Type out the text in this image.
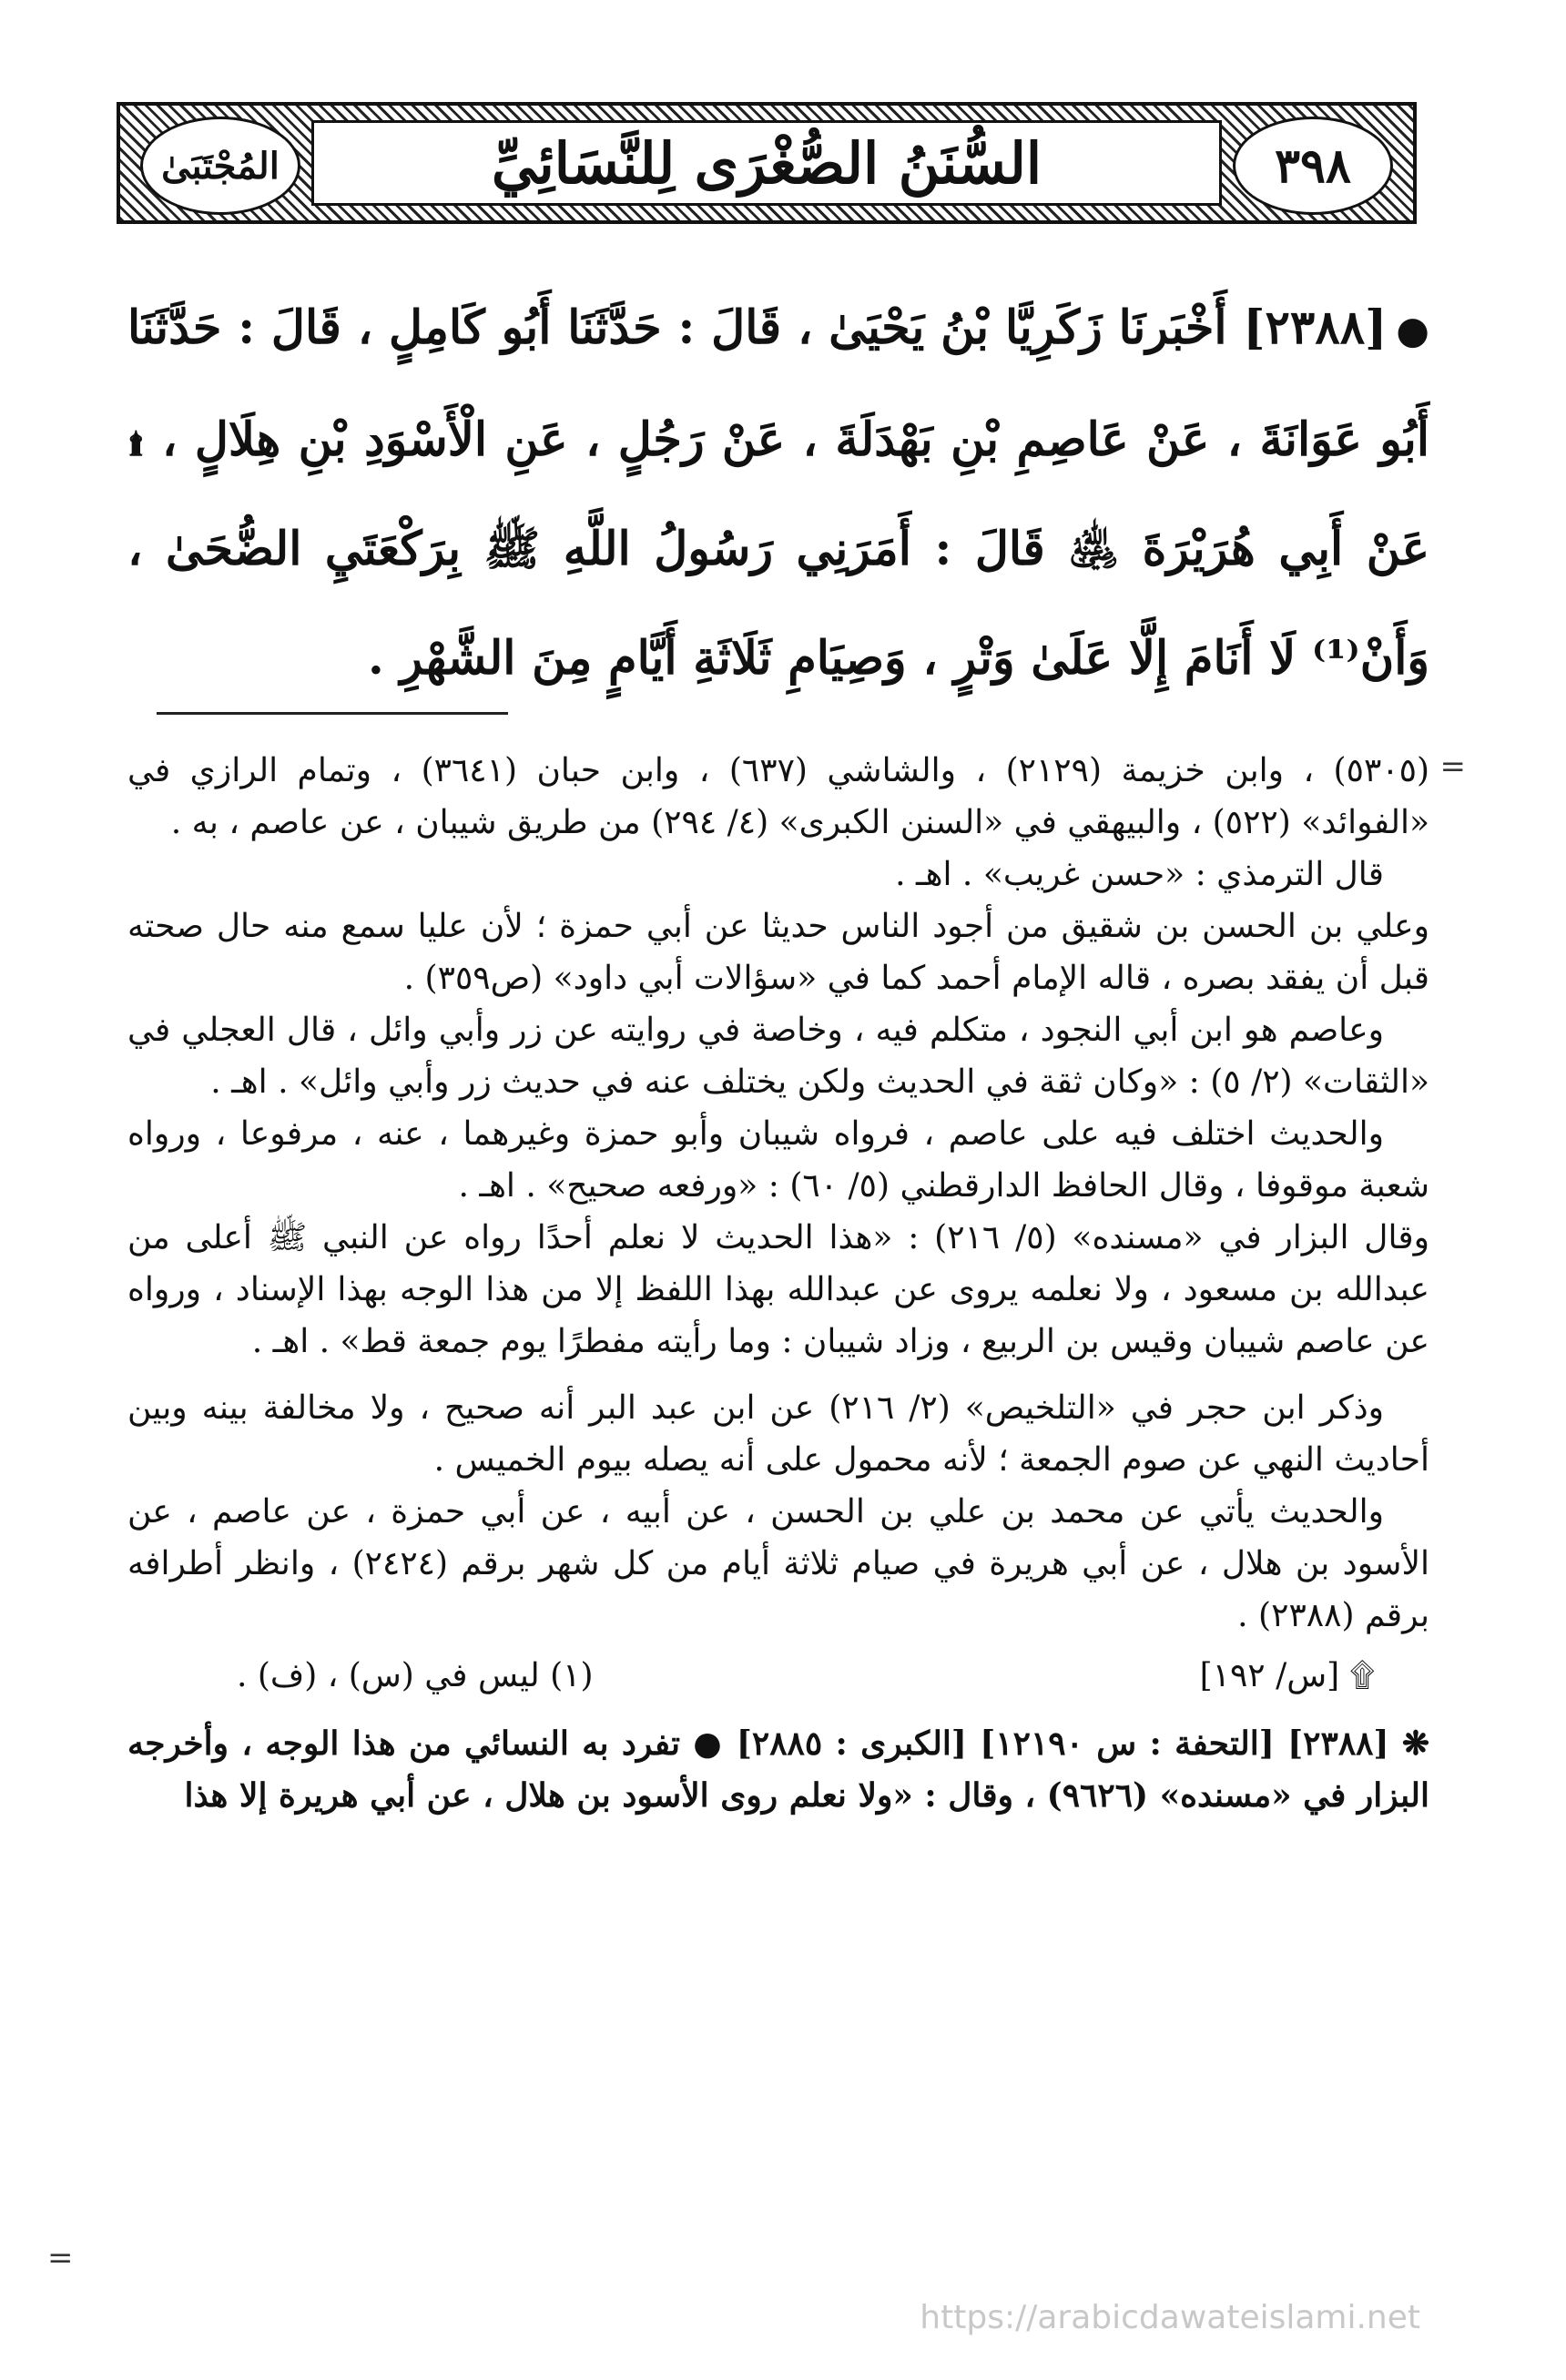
٣٩٨
السُّنَنُ الصُّغْرَى لِلنَّسَائِيِّ
المُجْتَبَىٰ
●[٢٣٨٨] أَخْبَرنَا زَكَرِيَّا بْنُ يَحْيَىٰ ، قَالَ : حَدَّثَنَا أَبُو كَامِلٍ ، قَالَ : حَدَّثَنَا أَبُو عَوَانَةَ ، عَنْ عَاصِمِ بْنِ بَهْدَلَةَ ، عَنْ رَجُلٍ ، عَنِ الْأَسْوَدِ بْنِ هِلَالٍ ، ۩ عَنْ أَبِي هُرَيْرَةَ ﵁ قَالَ : أَمَرَنِي رَسُولُ اللَّهِ ﷺ بِرَكْعَتَيِ الضُّحَىٰ ، وَأَنْ⁽¹⁾ لَا أَنَامَ إِلَّا عَلَىٰ وَتْرٍ ، وَصِيَامِ ثَلَاثَةِ أَيَّامٍ مِنَ الشَّهْرِ .
=

(٥٣٠٥) ، وابن خزيمة (٢١٢٩) ، والشاشي (٦٣٧) ، وابن حبان (٣٦٤١) ، وتمام الرازي في «الفوائد» (٥٢٢) ، والبيهقي في «السنن الكبرى» (٤/ ٢٩٤) من طريق شيبان ، عن عاصم ، به .

قال الترمذي : «حسن غريب» . اهـ .

وعلي بن الحسن بن شقيق من أجود الناس حديثا عن أبي حمزة ؛ لأن عليا سمع منه حال صحته قبل أن يفقد بصره ، قاله الإمام أحمد كما في «سؤالات أبي داود» (ص٣٥٩) .

وعاصم هو ابن أبي النجود ، متكلم فيه ، وخاصة في روايته عن زر وأبي وائل ، قال العجلي في «الثقات» (٢/ ٥) : «وكان ثقة في الحديث ولكن يختلف عنه في حديث زر وأبي وائل» . اهـ .

والحديث اختلف فيه على عاصم ، فرواه شيبان وأبو حمزة وغيرهما ، عنه ، مرفوعا ، ورواه شعبة موقوفا ، وقال الحافظ الدارقطني (٥/ ٦٠) : «ورفعه صحيح» . اهـ .

وقال البزار في «مسنده» (٥/ ٢١٦) : «هذا الحديث لا نعلم أحدًا رواه عن النبي ﷺ أعلى من عبدالله بن مسعود ، ولا نعلمه يروى عن عبدالله بهذا اللفظ إلا من هذا الوجه بهذا الإسناد ، ورواه عن عاصم شيبان وقيس بن الربيع ، وزاد شيبان : وما رأيته مفطرًا يوم جمعة قط» . اهـ .

وذكر ابن حجر في «التلخيص» (٢/ ٢١٦) عن ابن عبد البر أنه صحيح ، ولا مخالفة بينه وبين أحاديث النهي عن صوم الجمعة ؛ لأنه محمول على أنه يصله بيوم الخميس .

والحديث يأتي عن محمد بن علي بن الحسن ، عن أبيه ، عن أبي حمزة ، عن عاصم ، عن الأسود بن هلال ، عن أبي هريرة في صيام ثلاثة أيام من كل شهر برقم (٢٤٢٤) ، وانظر أطرافه برقم (٢٣٨٨) .

۩ [س/ ١٩٢]
(١) ليس في (س) ، (ف) .

❋ [٢٣٨٨] [التحفة : س ١٢١٩٠] [الكبرى : ٢٨٨٥] ● تفرد به النسائي من هذا الوجه ، وأخرجه البزار في «مسنده» (٩٦٢٦) ، وقال : «ولا نعلم روى الأسود بن هلال ، عن أبي هريرة إلا هذا

=
https://arabicdawateislami.net
